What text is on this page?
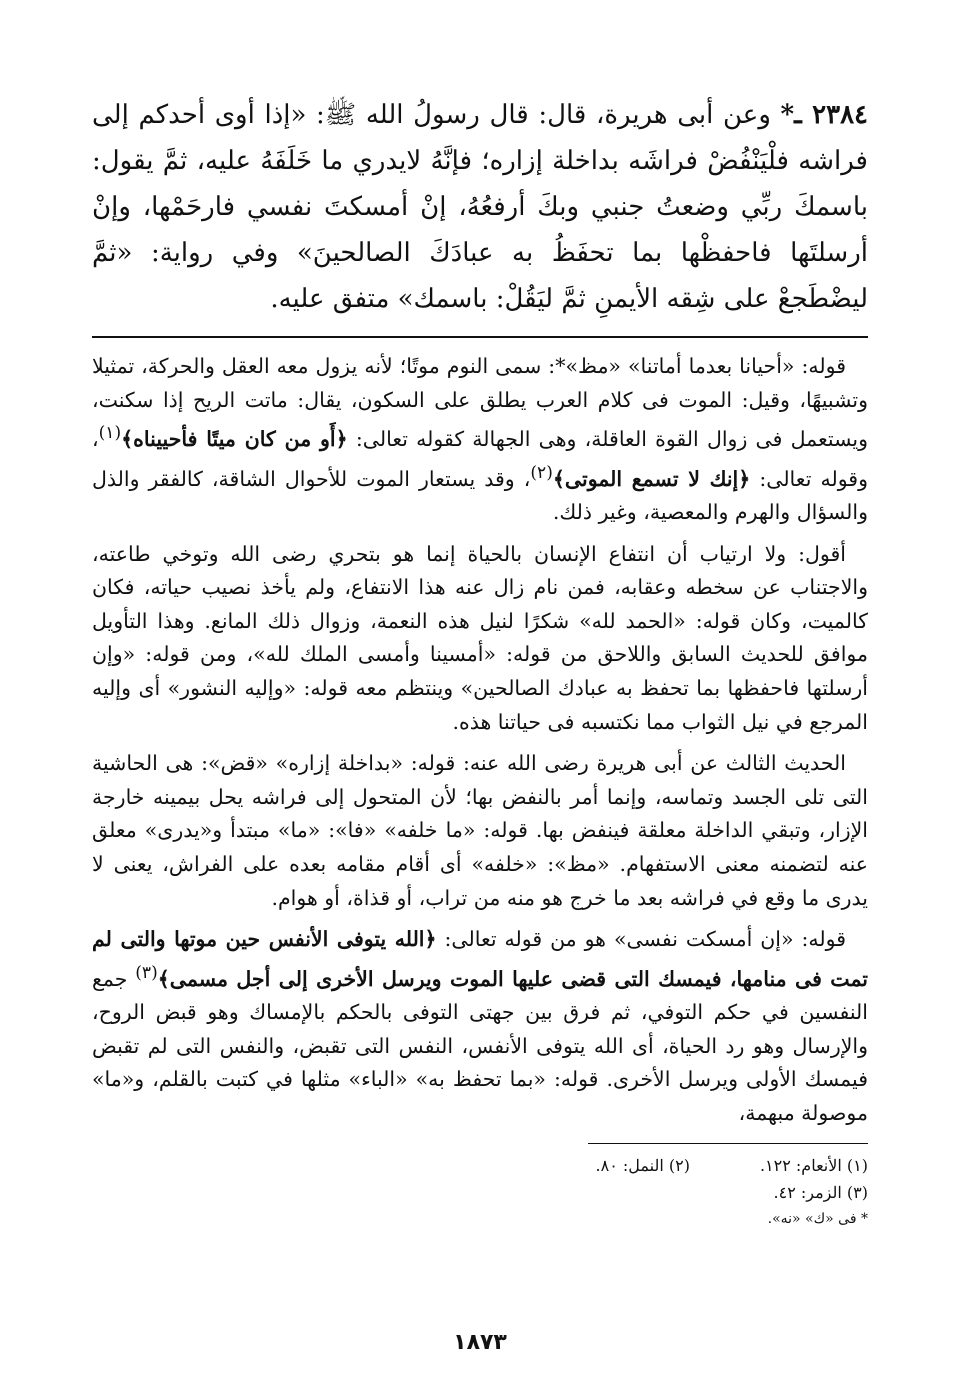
٢٣٨٤ ـ* وعن أبى هريرة، قال: قال رسولُ الله ﷺ: «إذا أوى أحدكم إلى فراشه فلْيَنْفُضْ فراشَه بداخلة إزاره؛ فإنَّهُ لايدري ما خَلَفَهُ عليه، ثمَّ يقول: باسمكَ ربِّي وضعتُ جنبي وبكَ أرفعُهُ، إنْ أمسكتَ نفسي فارحَمْها، وإنْ أرسلتَها فاحفظْها بما تحفَظُ به عبادَكَ الصالحينَ» وفي رواية: «ثمَّ ليضْطَجعْ على شِقه الأيمنِ ثمَّ ليَقُلْ: باسمك» متفق عليه.

قوله: «أحيانا بعدما أماتنا» «مظ»*: سمى النوم موتًا؛ لأنه يزول معه العقل والحركة، تمثيلا وتشبيهًا، وقيل: الموت فى كلام العرب يطلق على السكون، يقال: ماتت الريح إذا سكنت، ويستعمل فى زوال القوة العاقلة، وهى الجهالة كقوله تعالى: ﴿أَو من كان ميتًا فأحييناه﴾$^{(١)}$، وقوله تعالى: ﴿إنك لا تسمع الموتى﴾$^{(٢)}$، وقد يستعار الموت للأحوال الشاقة، كالفقر والذل والسؤال والهرم والمعصية، وغير ذلك.

أقول: ولا ارتياب أن انتفاع الإنسان بالحياة إنما هو بتحري رضى الله وتوخي طاعته، والاجتناب عن سخطه وعقابه، فمن نام زال عنه هذا الانتفاع، ولم يأخذ نصيب حياته، فكان كالميت، وكان قوله: «الحمد لله» شكرًا لنيل هذه النعمة، وزوال ذلك المانع. وهذا التأويل موافق للحديث السابق واللاحق من قوله: «أمسينا وأمسى الملك لله»، ومن قوله: «وإن أرسلتها فاحفظها بما تحفظ به عبادك الصالحين» وينتظم معه قوله: «وإليه النشور» أى وإليه المرجع في نيل الثواب مما نكتسبه فى حياتنا هذه.

الحديث الثالث عن أبى هريرة رضى الله عنه: قوله: «بداخلة إزاره» «قض»: هى الحاشية التى تلى الجسد وتماسه، وإنما أمر بالنفض بها؛ لأن المتحول إلى فراشه يحل بيمينه خارجة الإزار، وتبقي الداخلة معلقة فينفض بها. قوله: «ما خلفه» «فا»: «ما» مبتدأ و«يدرى» معلق عنه لتضمنه معنى الاستفهام. «مظ»: «خلفه» أى أقام مقامه بعده على الفراش، يعنى لا يدرى ما وقع في فراشه بعد ما خرج هو منه من تراب، أو قذاة، أو هوام.

قوله: «إن أمسكت نفسى» هو من قوله تعالى: ﴿الله يتوفى الأنفس حين موتها والتى لم تمت فى منامها، فيمسك التى قضى عليها الموت ويرسل الأخرى إلى أجل مسمى﴾$^{(٣)}$ جمع النفسين في حكم التوفي، ثم فرق بين جهتى التوفى بالحكم بالإمساك وهو قبض الروح، والإرسال وهو رد الحياة، أى الله يتوفى الأنفس، النفس التى تقبض، والنفس التى لم تقبض فيمسك الأولى ويرسل الأخرى. قوله: «بما تحفظ به» «الباء» مثلها في كتبت بالقلم، و«ما» موصولة مبهمة،

(١) الأنعام: ١٢٢.
(٢) النمل: ٨٠.
(٣) الزمر: ٤٢.
* فى «ك» «نه».
١٨٧٣
